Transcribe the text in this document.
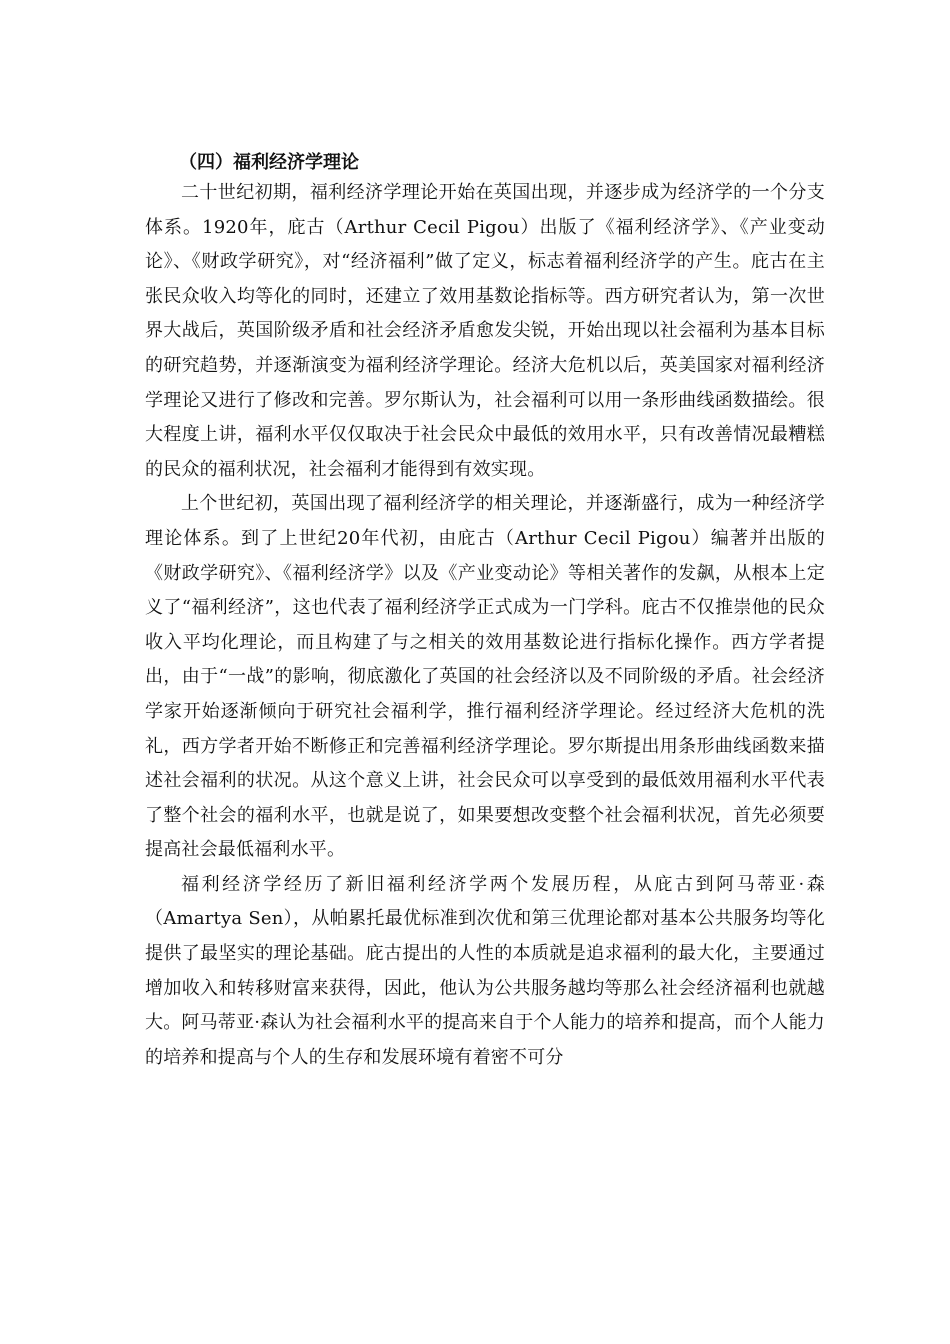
（四）福利经济学理论

二十世纪初期，福利经济学理论开始在英国出现，并逐步成为经济学的一个分支体系。1920年，庇古（Arthur Cecil Pigou）出版了《福利经济学》、《产业变动论》、《财政学研究》，对“经济福利”做了定义，标志着福利经济学的产生。庇古在主张民众收入均等化的同时，还建立了效用基数论指标等。西方研究者认为，第一次世界大战后，英国阶级矛盾和社会经济矛盾愈发尖锐，开始出现以社会福利为基本目标的研究趋势，并逐渐演变为福利经济学理论。经济大危机以后，英美国家对福利经济学理论又进行了修改和完善。罗尔斯认为，社会福利可以用一条形曲线函数描绘。很大程度上讲，福利水平仅仅取决于社会民众中最低的效用水平，只有改善情况最糟糕的民众的福利状况，社会福利才能得到有效实现。

上个世纪初，英国出现了福利经济学的相关理论，并逐渐盛行，成为一种经济学理论体系。到了上世纪20年代初，由庇古（Arthur Cecil Pigou）编著并出版的《财政学研究》、《福利经济学》以及《产业变动论》等相关著作的发飙，从根本上定义了“福利经济”，这也代表了福利经济学正式成为一门学科。庇古不仅推崇他的民众收入平均化理论，而且构建了与之相关的效用基数论进行指标化操作。西方学者提出，由于“一战”的影响，彻底激化了英国的社会经济以及不同阶级的矛盾。社会经济学家开始逐渐倾向于研究社会福利学，推行福利经济学理论。经过经济大危机的洗礼，西方学者开始不断修正和完善福利经济学理论。罗尔斯提出用条形曲线函数来描述社会福利的状况。从这个意义上讲，社会民众可以享受到的最低效用福利水平代表了整个社会的福利水平，也就是说了，如果要想改变整个社会福利状况，首先必须要提高社会最低福利水平。

福利经济学经历了新旧福利经济学两个发展历程，从庇古到阿马蒂亚·森（Amartya Sen），从帕累托最优标准到次优和第三优理论都对基本公共服务均等化提供了最坚实的理论基础。庇古提出的人性的本质就是追求福利的最大化，主要通过增加收入和转移财富来获得，因此，他认为公共服务越均等那么社会经济福利也就越大。阿马蒂亚·森认为社会福利水平的提高来自于个人能力的培养和提高，而个人能力的培养和提高与个人的生存和发展环境有着密不可分
